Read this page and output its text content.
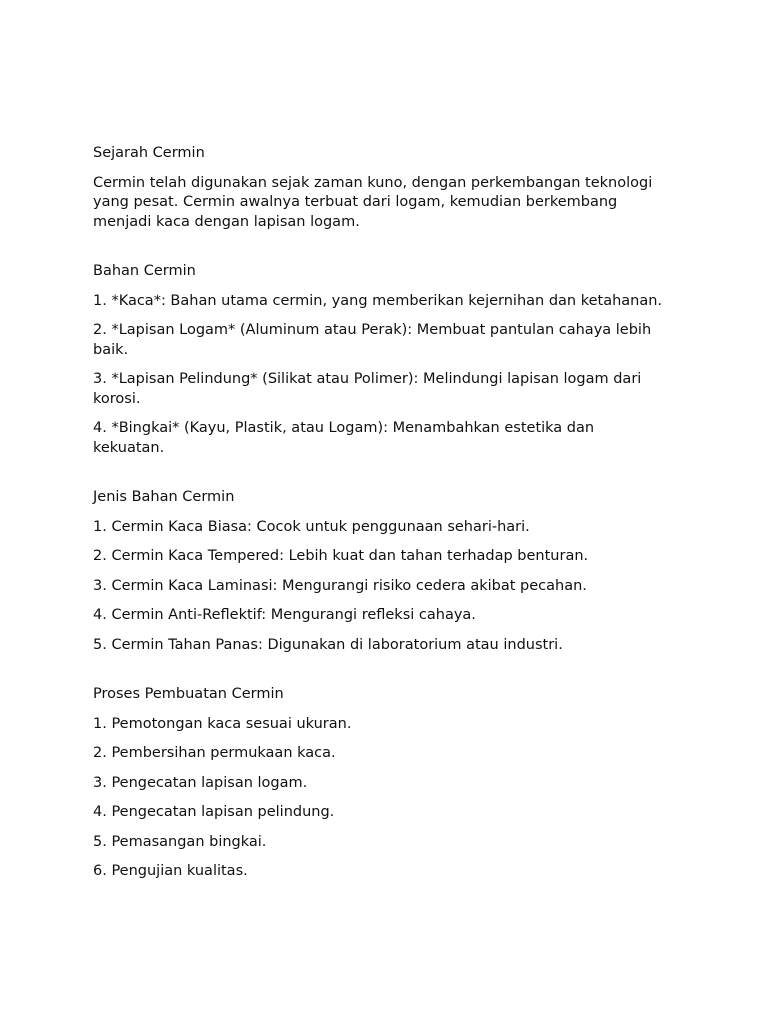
Sejarah Cermin

Cermin telah digunakan sejak zaman kuno, dengan perkembangan teknologi yang pesat. Cermin awalnya terbuat dari logam, kemudian berkembang menjadi kaca dengan lapisan logam.

Bahan Cermin

1. *Kaca*: Bahan utama cermin, yang memberikan kejernihan dan ketahanan.

2. *Lapisan Logam* (Aluminum atau Perak): Membuat pantulan cahaya lebih baik.

3. *Lapisan Pelindung* (Silikat atau Polimer): Melindungi lapisan logam dari korosi.

4. *Bingkai* (Kayu, Plastik, atau Logam): Menambahkan estetika dan kekuatan.

Jenis Bahan Cermin

1. Cermin Kaca Biasa: Cocok untuk penggunaan sehari-hari.

2. Cermin Kaca Tempered: Lebih kuat dan tahan terhadap benturan.

3. Cermin Kaca Laminasi: Mengurangi risiko cedera akibat pecahan.

4. Cermin Anti-Reflektif: Mengurangi refleksi cahaya.

5. Cermin Tahan Panas: Digunakan di laboratorium atau industri.

Proses Pembuatan Cermin

1. Pemotongan kaca sesuai ukuran.

2. Pembersihan permukaan kaca.

3. Pengecatan lapisan logam.

4. Pengecatan lapisan pelindung.

5. Pemasangan bingkai.

6. Pengujian kualitas.
